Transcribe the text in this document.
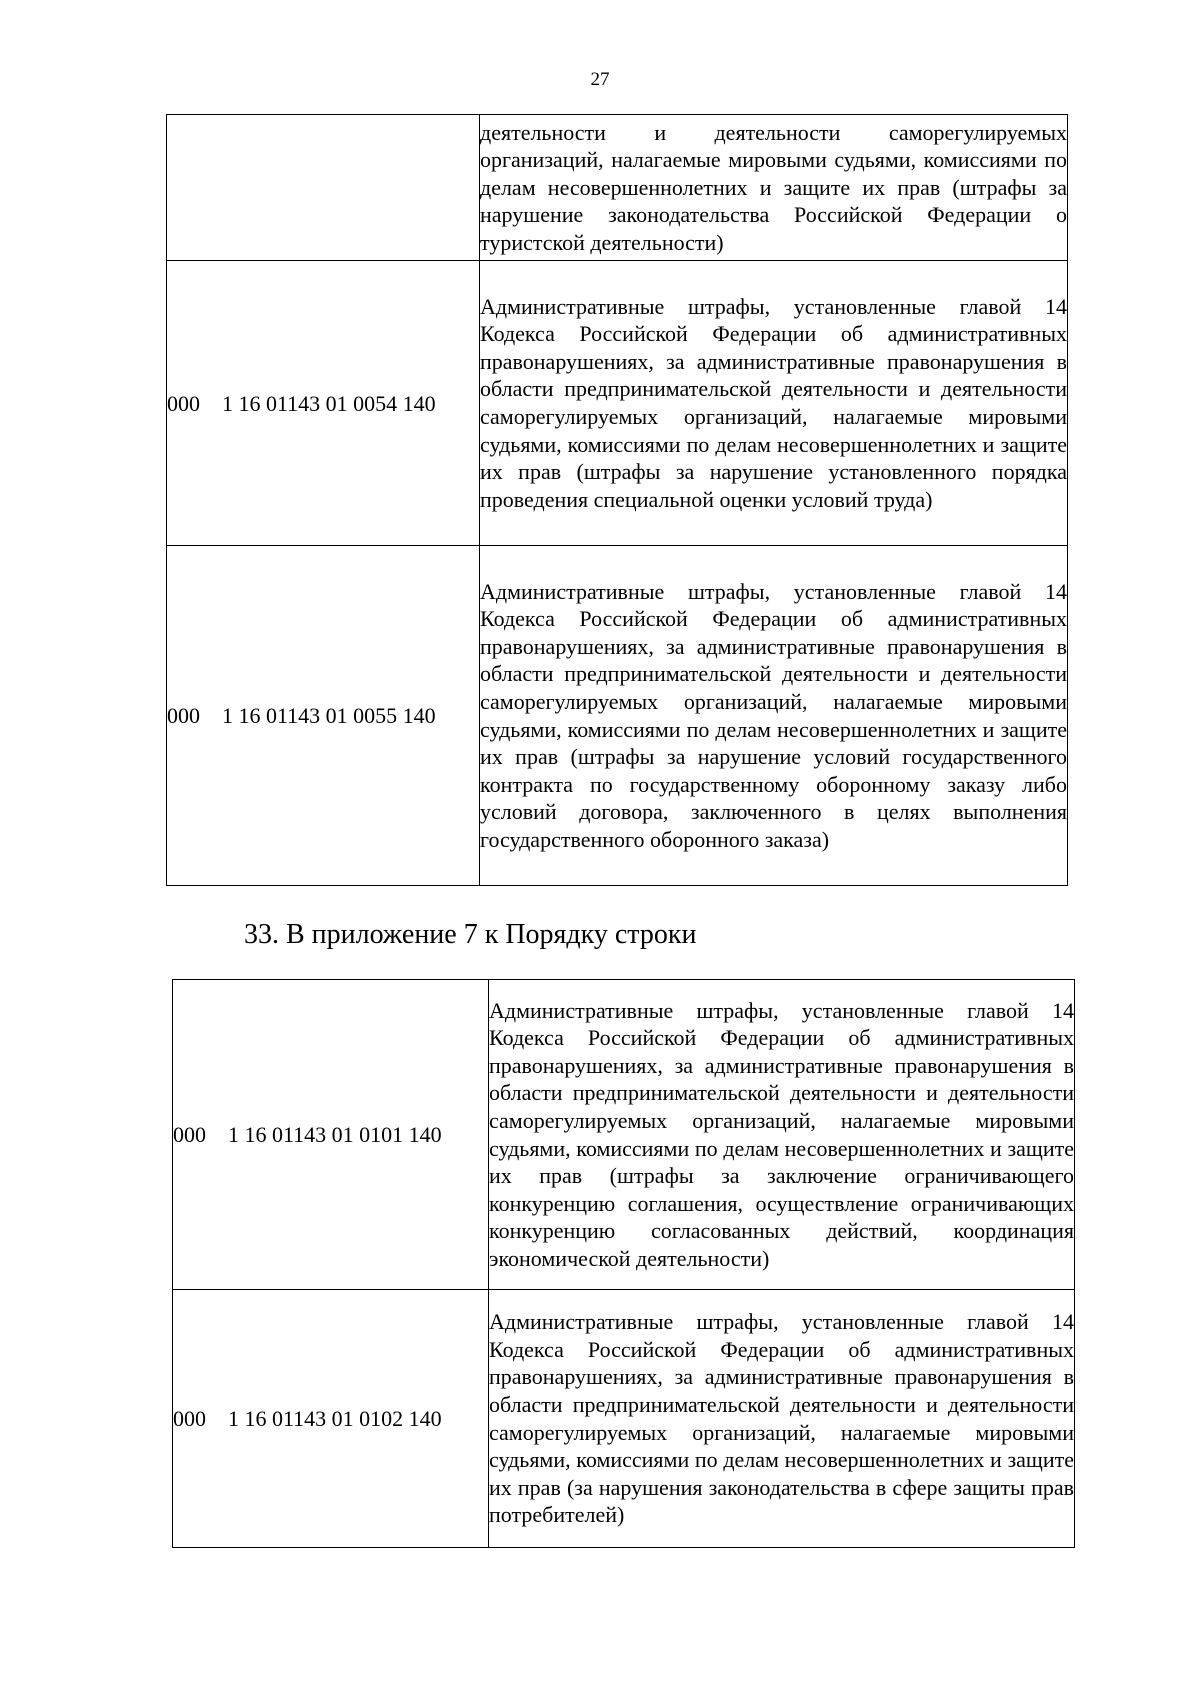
27
	деятельности и деятельности саморегулируемых организаций, налагаемые мировыми судьями, комиссиями по делам несовершеннолетних и защите их прав (штрафы за нарушение законодательства Российской Федерации о туристской деятельности)
000 1 16 01143 01 0054 140	Административные штрафы, установленные главой 14 Кодекса Российской Федерации об административных правонарушениях, за административные правонарушения в области предпринимательской деятельности и деятельности саморегулируемых организаций, налагаемые мировыми судьями, комиссиями по делам несовершеннолетних и защите их прав (штрафы за нарушение установленного порядка проведения специальной оценки условий труда)
000 1 16 01143 01 0055 140	Административные штрафы, установленные главой 14 Кодекса Российской Федерации об административных правонарушениях, за административные правонарушения в области предпринимательской деятельности и деятельности саморегулируемых организаций, налагаемые мировыми судьями, комиссиями по делам несовершеннолетних и защите их прав (штрафы за нарушение условий государственного контракта по государственному оборонному заказу либо условий договора, заключенного в целях выполнения государственного оборонного заказа)
33. В приложение 7 к Порядку строки
000 1 16 01143 01 0101 140	Административные штрафы, установленные главой 14 Кодекса Российской Федерации об административных правонарушениях, за административные правонарушения в области предпринимательской деятельности и деятельности саморегулируемых организаций, налагаемые мировыми судьями, комиссиями по делам несовершеннолетних и защите их прав (штрафы за заключение ограничивающего конкуренцию соглашения, осуществление ограничивающих конкуренцию согласованных действий, координация экономической деятельности)
000 1 16 01143 01 0102 140	Административные штрафы, установленные главой 14 Кодекса Российской Федерации об административных правонарушениях, за административные правонарушения в области предпринимательской деятельности и деятельности саморегулируемых организаций, налагаемые мировыми судьями, комиссиями по делам несовершеннолетних и защите их прав (за нарушения законодательства в сфере защиты прав потребителей)
